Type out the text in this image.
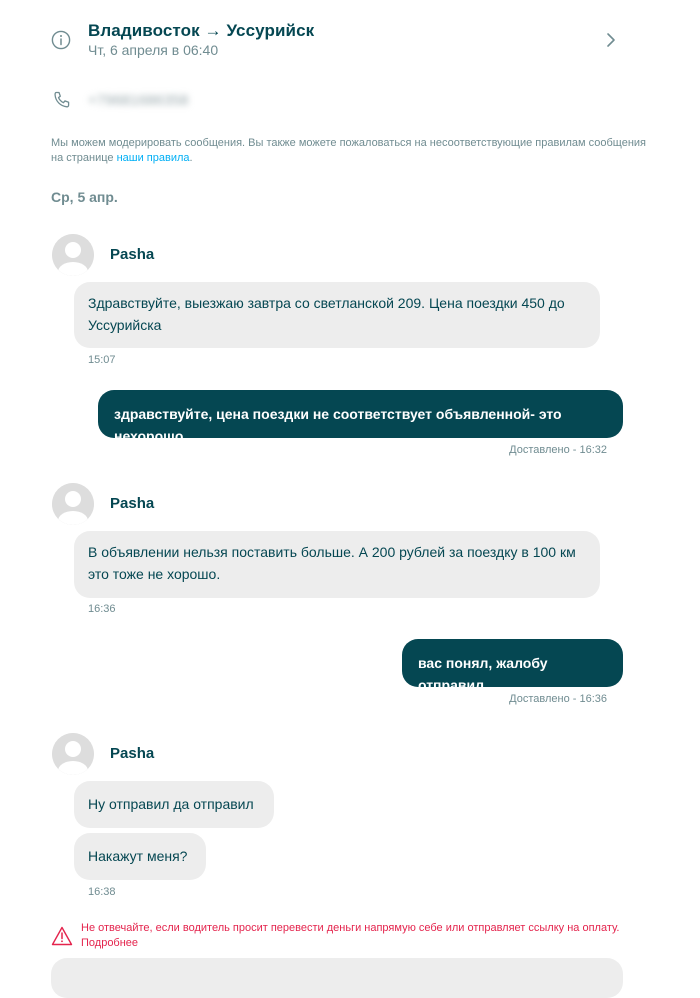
Владивосток → Уссурийск
Чт, 6 апреля в 06:40
+79681686358
Мы можем модерировать сообщения. Вы также можете пожаловаться на несоответствующие правилам сообщения на странице наши правила.
Ср, 5 апр.
Pasha
Здравствуйте, выезжаю завтра со светланской 209. Цена поездки 450 до Уссурийска
15:07
здравствуйте, цена поездки не соответствует объявленной- это нехорошо
Доставлено - 16:32
Pasha
В объявлении нельзя поставить больше. А 200 рублей за поездку в 100 км это тоже не хорошо.
16:36
вас понял, жалобу отправил
Доставлено - 16:36
Pasha
Ну отправил да отправил
Накажут меня?
16:38
Не отвечайте, если водитель просит перевести деньги напрямую себе или отправляет ссылку на оплату. Подробнее
